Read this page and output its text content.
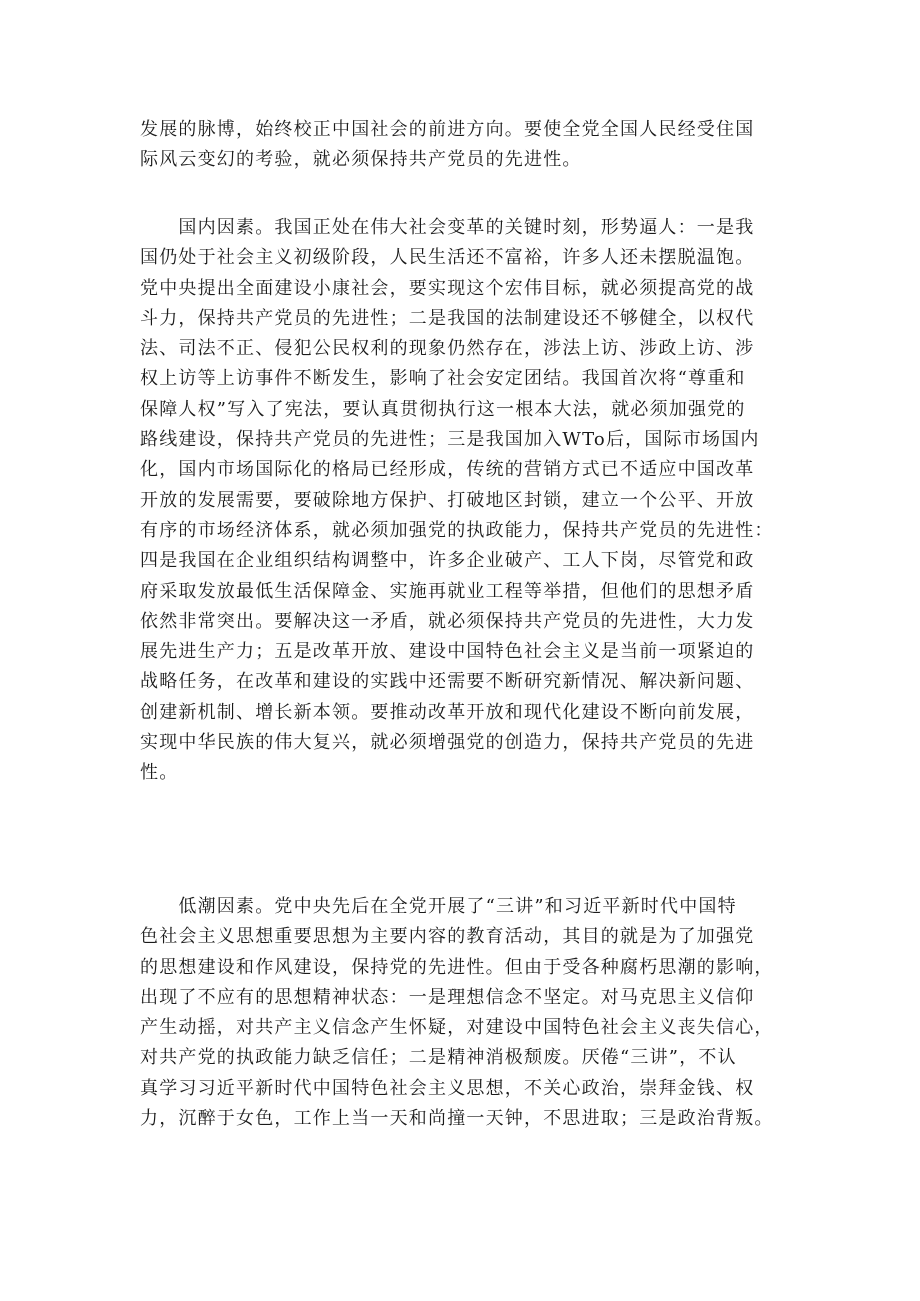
发展的脉博，始终校正中国社会的前进方向。要使全党全国人民经受住国
际风云变幻的考验，就必须保持共产党员的先进性。
　　国内因素。我国正处在伟大社会变革的关键时刻，形势逼人：一是我
国仍处于社会主义初级阶段，人民生活还不富裕，许多人还未摆脱温饱。
党中央提出全面建设小康社会，要实现这个宏伟目标，就必须提高党的战
斗力，保持共产党员的先进性；二是我国的法制建设还不够健全，以权代
法、司法不正、侵犯公民权利的现象仍然存在，涉法上访、涉政上访、涉
权上访等上访事件不断发生，影响了社会安定团结。我国首次将“尊重和
保障人权”写入了宪法，要认真贯彻执行这一根本大法，就必须加强党的
路线建设，保持共产党员的先进性；三是我国加入WTo后，国际市场国内
化，国内市场国际化的格局已经形成，传统的营销方式已不适应中国改革
开放的发展需要，要破除地方保护、打破地区封锁，建立一个公平、开放
有序的市场经济体系，就必须加强党的执政能力，保持共产党员的先进性：
四是我国在企业组织结构调整中，许多企业破产、工人下岗，尽管党和政
府采取发放最低生活保障金、实施再就业工程等举措，但他们的思想矛盾
依然非常突出。要解决这一矛盾，就必须保持共产党员的先进性，大力发
展先进生产力；五是改革开放、建设中国特色社会主义是当前一项紧迫的
战略任务，在改革和建设的实践中还需要不断研究新情况、解决新问题、
创建新机制、增长新本领。要推动改革开放和现代化建设不断向前发展，
实现中华民族的伟大复兴，就必须增强党的创造力，保持共产党员的先进
性。
　　低潮因素。党中央先后在全党开展了“三讲”和习近平新时代中国特
色社会主义思想重要思想为主要内容的教育活动，其目的就是为了加强党
的思想建设和作风建设，保持党的先进性。但由于受各种腐朽思潮的影响，
出现了不应有的思想精神状态：一是理想信念不坚定。对马克思主义信仰
产生动摇，对共产主义信念产生怀疑，对建设中国特色社会主义丧失信心，
对共产党的执政能力缺乏信任；二是精神消极颓废。厌倦“三讲”，不认
真学习习近平新时代中国特色社会主义思想，不关心政治，崇拜金钱、权
力，沉醉于女色，工作上当一天和尚撞一天钟，不思进取；三是政治背叛。
